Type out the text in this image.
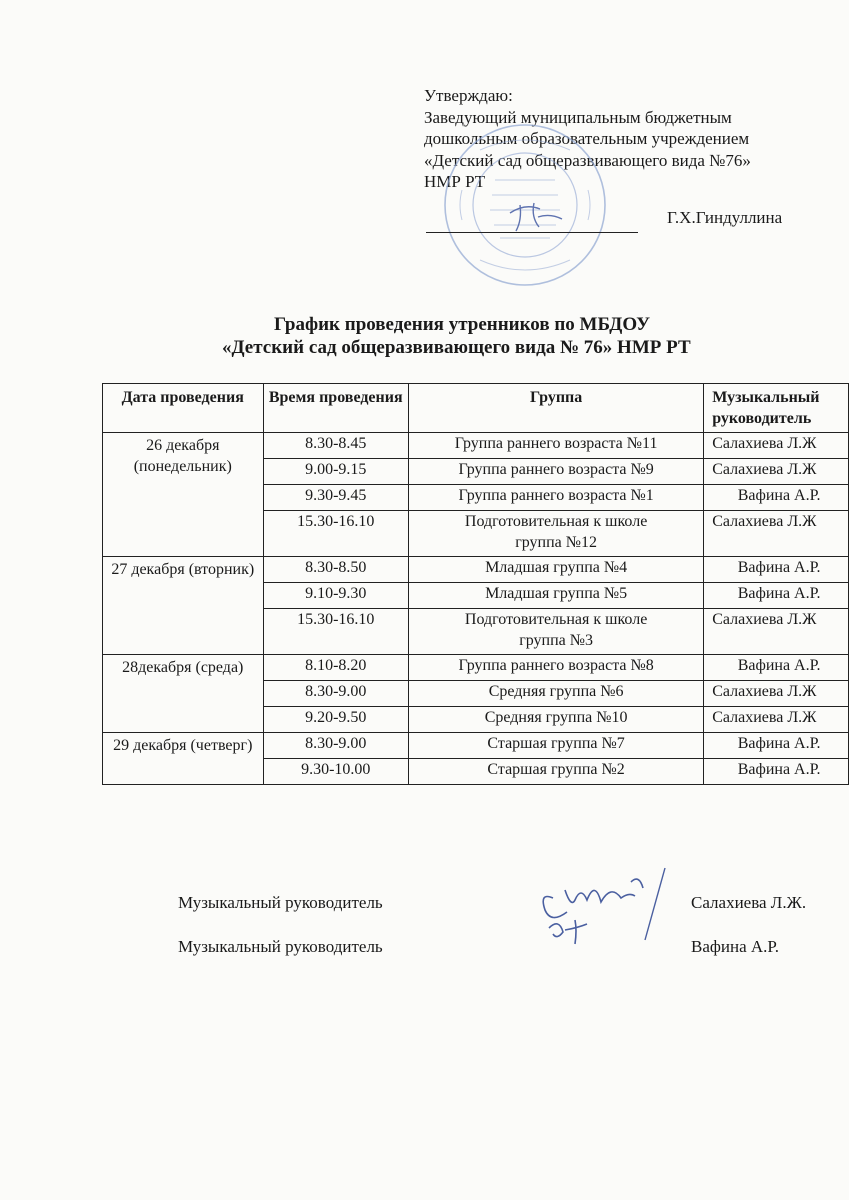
Утверждаю:
Заведующий муниципальным бюджетным
дошкольным образовательным учреждением
«Детский сад общеразвивающего вида №76»
НМР РТ
Г.Х.Гиндуллина
График проведения утренников по МБДОУ
«Детский сад общеразвивающего вида № 76» НМР РТ
Дата проведения	Время проведения	Группа	Музыкальный руководитель
26 декабря (понедельник)	8.30-8.45	Группа раннего возраста №11	Салахиева Л.Ж
	9.00-9.15	Группа раннего возраста №9	Салахиева Л.Ж
	9.30-9.45	Группа раннего возраста №1	Вафина А.Р.
	15.30-16.10	Подготовительная к школе группа №12	Салахиева Л.Ж
27 декабря (вторник)	8.30-8.50	Младшая группа №4	Вафина А.Р.
	9.10-9.30	Младшая группа №5	Вафина А.Р.
	15.30-16.10	Подготовительная к школе группа №3	Салахиева Л.Ж
28декабря (среда)	8.10-8.20	Группа раннего возраста №8	Вафина А.Р.
	8.30-9.00	Средняя группа №6	Салахиева Л.Ж
	9.20-9.50	Средняя группа №10	Салахиева Л.Ж
29 декабря (четверг)	8.30-9.00	Старшая группа №7	Вафина А.Р.
	9.30-10.00	Старшая группа №2	Вафина А.Р.
Музыкальный руководитель	Салахиева Л.Ж.
Музыкальный руководитель	Вафина А.Р.
